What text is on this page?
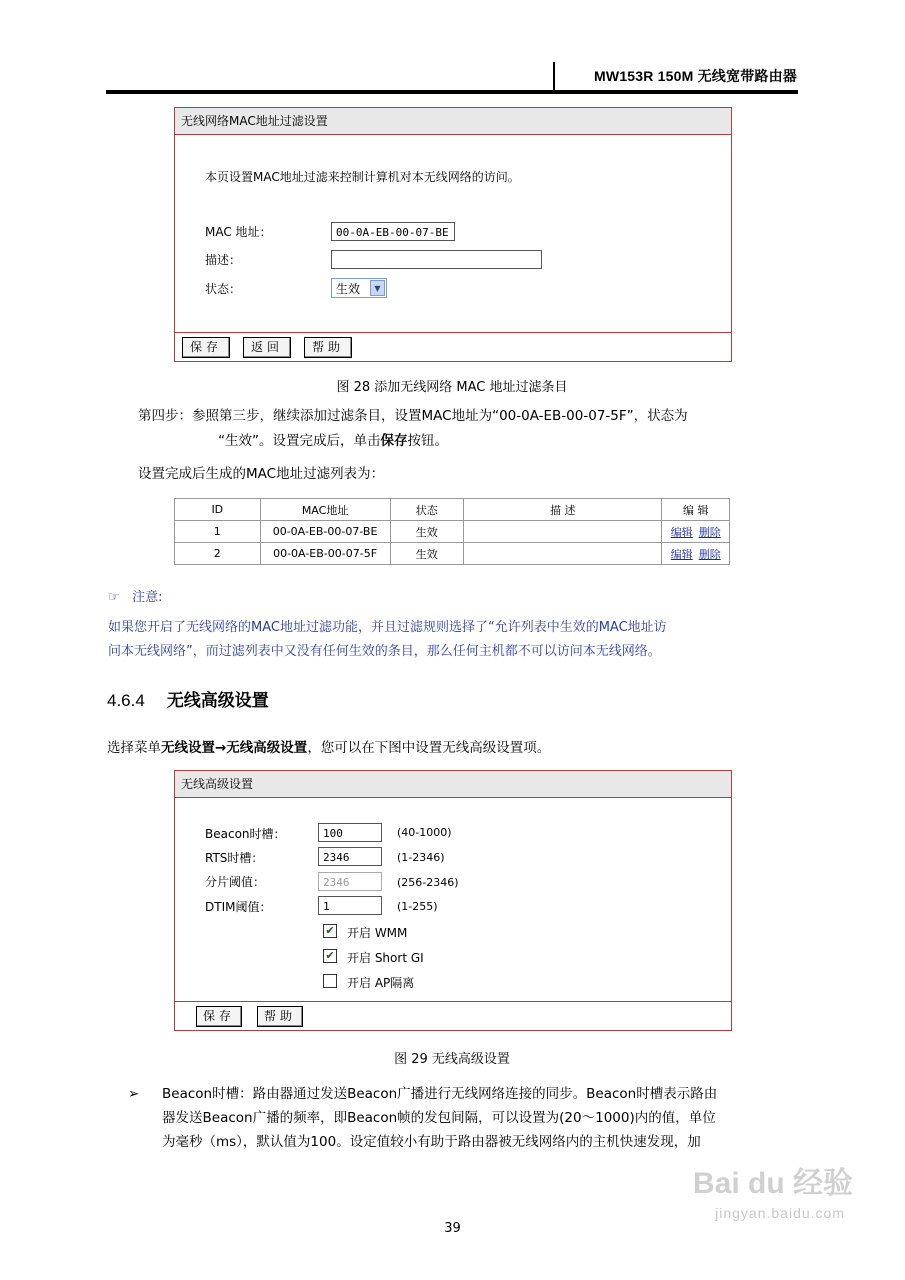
MW153R 150M 无线宽带路由器
无线网络MAC地址过滤设置
本页设置MAC地址过滤来控制计算机对本无线网络的访问。
MAC 地址：	00-0A-EB-00-07-BE
描述：
状态：	生效	▼
保存	返回	帮助
图 28 添加无线网络 MAC 地址过滤条目
第四步：参照第三步，继续添加过滤条目，设置MAC地址为“00-0A-EB-00-07-5F”，状态为
“生效”。设置完成后，单击保存按钮。
设置完成后生成的MAC地址过滤列表为：
ID	MAC地址	状态	描 述	编 辑
1	00-0A-EB-00-07-BE	生效		编辑 删除
2	00-0A-EB-00-07-5F	生效		编辑 删除
☞ 注意:
如果您开启了无线网络的MAC地址过滤功能，并且过滤规则选择了“允许列表中生效的MAC地址访
问本无线网络”，而过滤列表中又没有任何生效的条目，那么任何主机都不可以访问本无线网络。
4.6.4 无线高级设置
选择菜单无线设置→无线高级设置，您可以在下图中设置无线高级设置项。
无线高级设置
Beacon时槽：	100	(40-1000)
RTS时槽：	2346	(1-2346)
分片阈值：	2346	(256-2346)
DTIM阈值：	1	(1-255)
✔ 开启 WMM
✔ 开启 Short GI
开启 AP隔离
保存	帮助
图 29 无线高级设置
➢ Beacon时槽：路由器通过发送Beacon广播进行无线网络连接的同步。Beacon时槽表示路由
器发送Beacon广播的频率，即Beacon帧的发包间隔，可以设置为(20～1000)内的值，单位
为毫秒（ms），默认值为100。设定值较小有助于路由器被无线网络内的主机快速发现，加
Bai du 经验
jingyan.baidu.com
39
